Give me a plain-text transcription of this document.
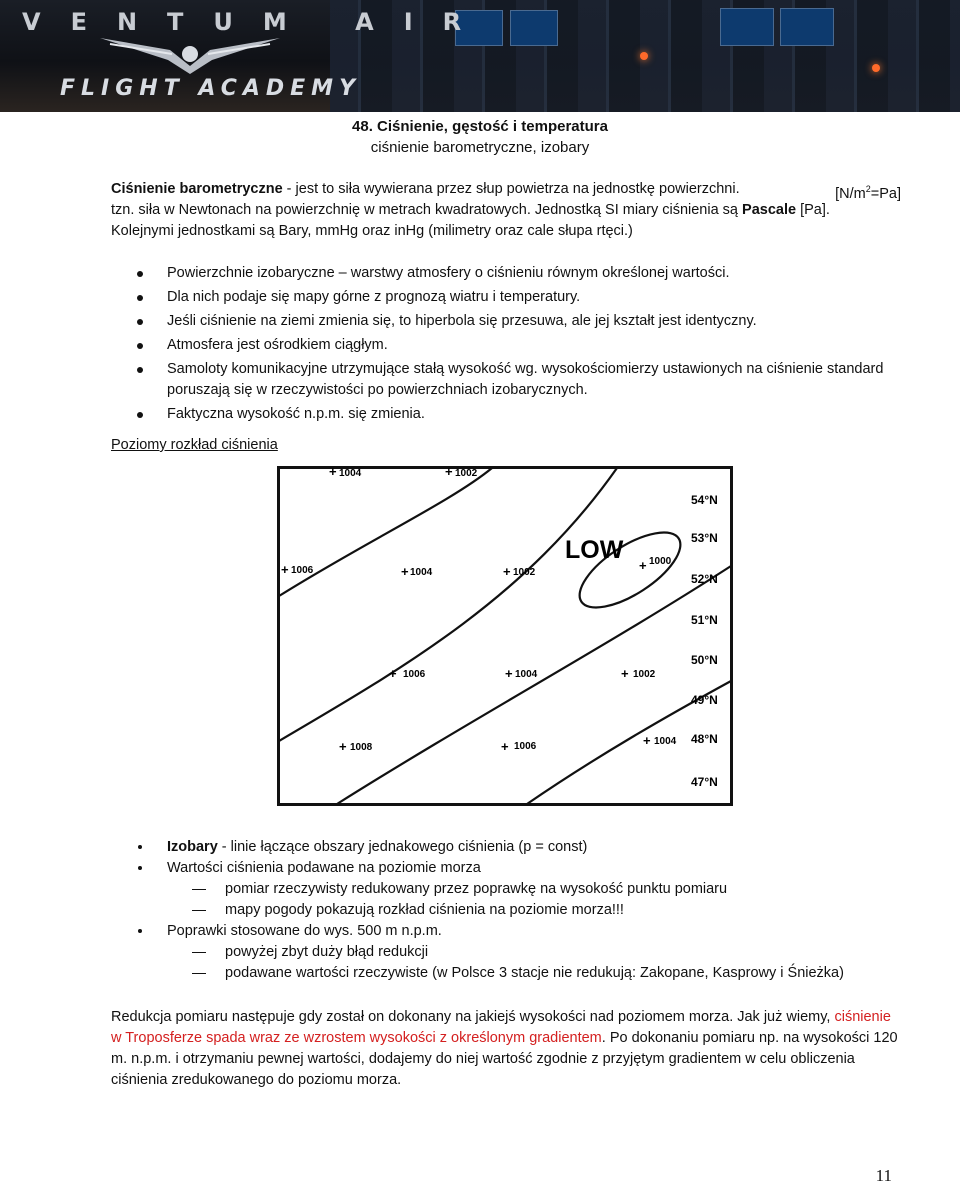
VENTUM AIR
FLIGHT ACADEMY
48. Ciśnienie, gęstość i temperatura
ciśnienie barometryczne, izobary
Ciśnienie barometryczne - jest to siła wywierana przez słup powietrza na jednostkę powierzchni.	$[N/m^2=Pa]$
tzn. siła w Newtonach na powierzchnię w metrach kwadratowych. Jednostką SI miary ciśnienia są Pascale [Pa].
Kolejnymi jednostkami są Bary, mmHg oraz inHg (milimetry oraz cale słupa rtęci.)
Powierzchnie izobaryczne – warstwy atmosfery o ciśnieniu równym określonej wartości.
Dla nich podaje się mapy górne z prognozą wiatru i temperatury.
Jeśli ciśnienie na ziemi zmienia się, to hiperbola się przesuwa, ale jej kształt jest identyczny.
Atmosfera jest ośrodkiem ciągłym.
Samoloty komunikacyjne utrzymujące stałą wysokość wg. wysokościomierzy ustawionych na ciśnienie standard poruszają się w rzeczywistości po powierzchniach izobarycznych.
Faktyczna wysokość n.p.m. się zmienia.
Poziomy rozkład ciśnienia
LOW
1004	1002
1006	1004	1002
1000
1006	1004	1002
1008	1006	1004
+	+
+	+	+	+
+	+	+
+	+	+
54°N
53°N
52°N
51°N
50°N
49°N
48°N
47°N
Izobary - linie łączące obszary jednakowego ciśnienia (p = const)
Wartości ciśnienia podawane na poziomie morza
pomiar rzeczywisty redukowany przez poprawkę na wysokość punktu pomiaru
mapy pogody pokazują rozkład ciśnienia na poziomie morza!!!
Poprawki stosowane do wys. 500 m n.p.m.
powyżej zbyt duży błąd redukcji
podawane wartości rzeczywiste (w Polsce 3 stacje nie redukują: Zakopane, Kasprowy i Śnieżka)
Redukcja pomiaru następuje gdy został on dokonany na jakiejś wysokości nad poziomem morza. Jak już wiemy, ciśnienie w Troposferze spada wraz ze wzrostem wysokości z określonym gradientem. Po dokonaniu pomiaru np. na wysokości 120 m. n.p.m. i otrzymaniu pewnej wartości, dodajemy do niej wartość zgodnie z przyjętym gradientem w celu obliczenia ciśnienia zredukowanego do poziomu morza.
11
